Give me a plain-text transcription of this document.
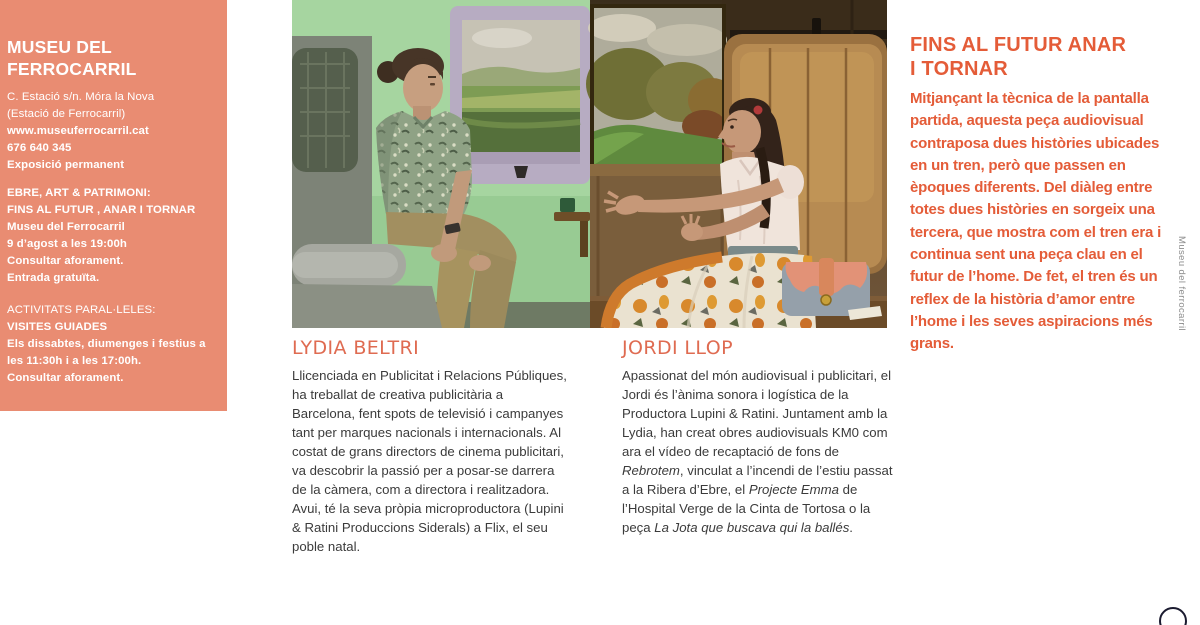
MUSEU DEL
FERROCARRIL
C. Estació s/n. Móra la Nova
(Estació de Ferrocarril)
www.museuferrocarril.cat
676 640 345
Exposició permanent
EBRE, ART & PATRIMONI:
FINS AL FUTUR , ANAR I TORNAR
Museu del Ferrocarril
9 d’agost a les 19:00h
Consultar aforament.
Entrada gratuïta.
ACTIVITATS PARAL·LELES:
VISITES GUIADES
Els dissabtes, diumenges i festius a les 11:30h i a les 17:00h.
Consultar aforament.
LYDIA BELTRI

Llicenciada en Publicitat i Relacions Públiques, ha treballat de creativa publicitària a Barcelona, fent spots de televisió i campanyes tant per marques nacionals i internacionals. Al costat de grans directors de cinema publicitari, va descobrir la passió per a posar-se darrera de la càmera, com a directora i realitzadora. Avui, té la seva pròpia microproductora (Lupini & Ratini Produccions Siderals) a Flix, el seu poble natal.

JORDI LLOP

Apassionat del món audiovisual i publicitari, el Jordi és l’ànima sonora i logística de la Productora Lupini & Ratini. Juntament amb la Lydia, han creat obres audiovisuals KM0 com ara el vídeo de recaptació de fons de Rebrotem, vinculat a l’incendi de l’estiu passat a la Ribera d’Ebre, el Projecte Emma de l’Hospital Verge de la Cinta de Tortosa o la peça La Jota que buscava qui la ballés.

FINS AL FUTUR ANAR
I TORNAR

Mitjançant la tècnica de la pantalla partida, aquesta peça audiovisual contraposa dues històries ubicades en un tren, però que passen en èpoques diferents. Del diàleg entre totes dues històries en sorgeix una tercera, que mostra com el tren era i continua sent una peça clau en el futur de l’home. De fet, el tren és un reflex de la història d’amor entre l’home i les seves aspiracions més grans.

Museu del ferrocarril
